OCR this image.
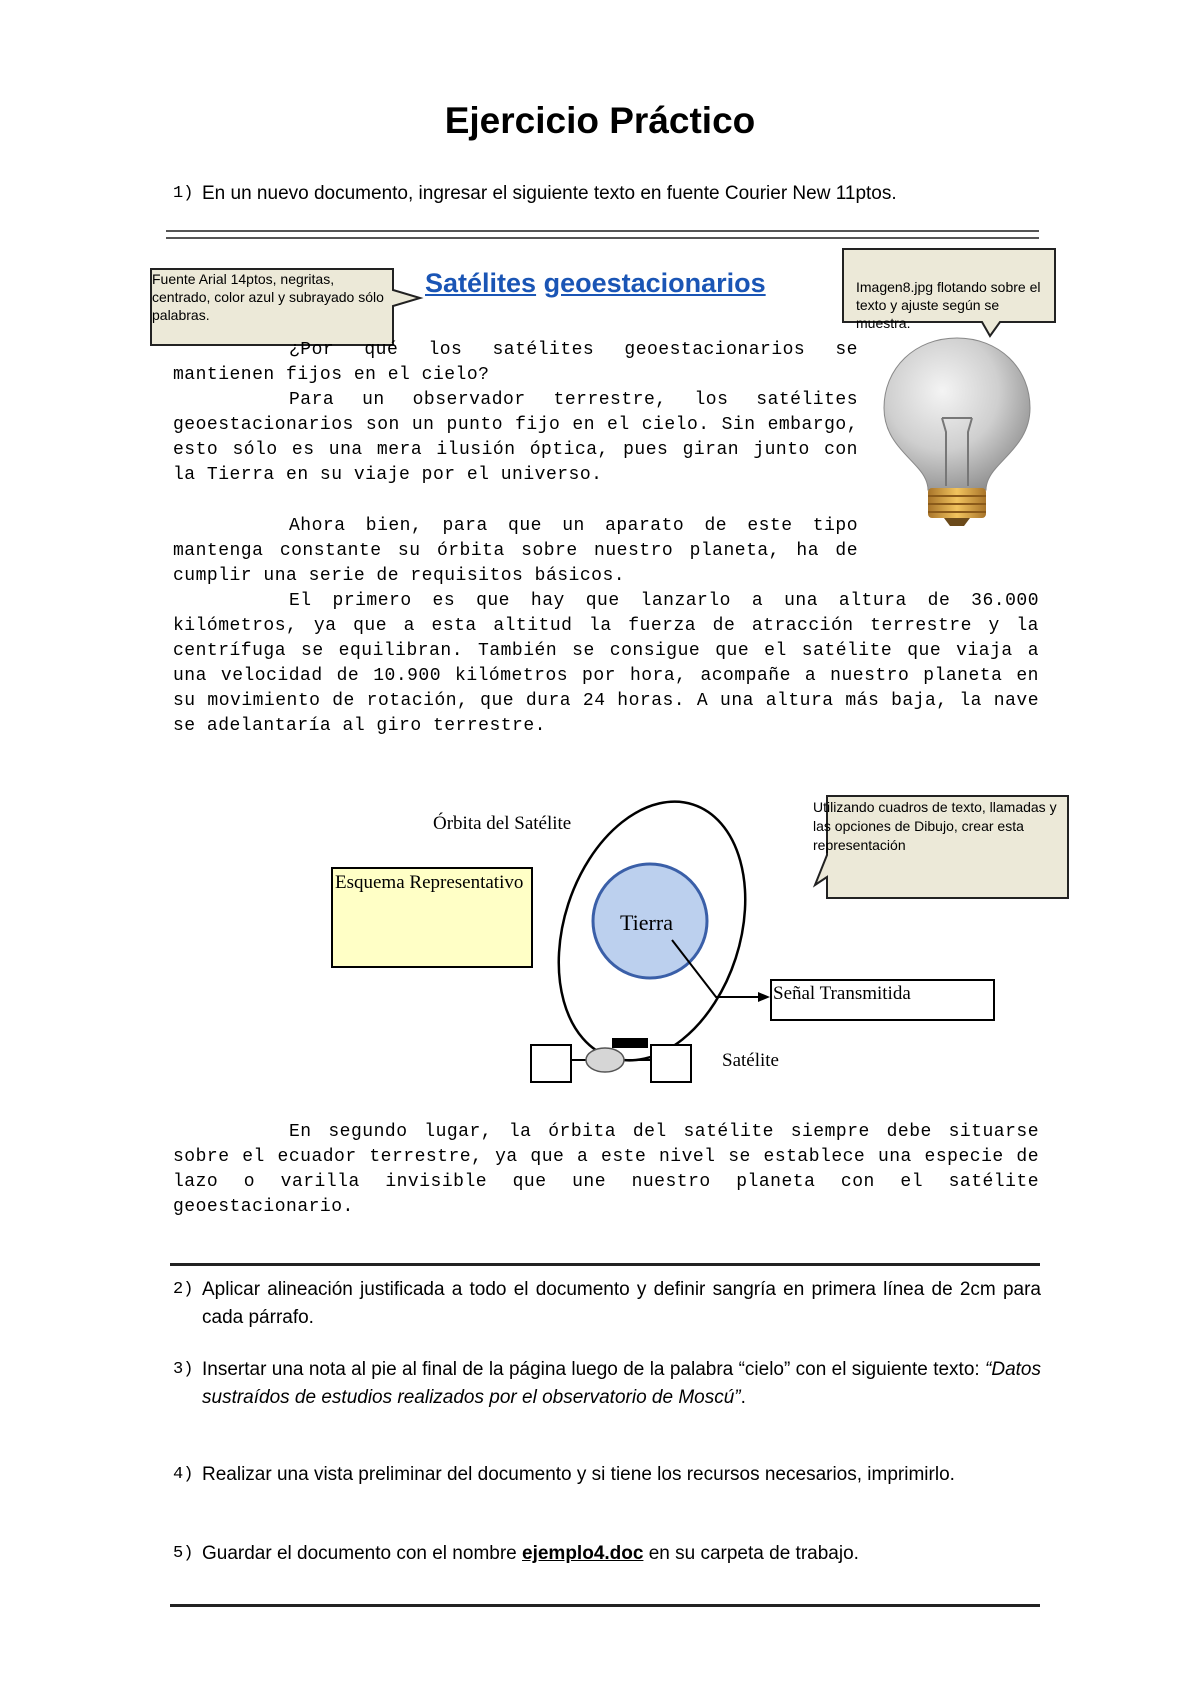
Ejercicio Práctico
1) En un nuevo documento, ingresar el siguiente texto en fuente Courier New 11ptos.
Fuente Arial 14ptos, negritas, centrado, color azul y subrayado sólo palabras.
Satélites geoestacionarios	Imagen8.jpg flotando sobre el texto y ajuste según se muestra.

¿Por qué los satélites geoestacionarios se mantienen fijos en el cielo?

Para un observador terrestre, los satélites geoestacionarios son un punto fijo en el cielo. Sin embargo, esto sólo es una mera ilusión óptica, pues giran junto con la Tierra en su viaje por el universo.

Ahora bien, para que un aparato de este tipo mantenga constante su órbita sobre nuestro planeta, ha de cumplir una serie de requisitos básicos.

El primero es que hay que lanzarlo a una altura de 36.000 kilómetros, ya que a esta altitud la fuerza de atracción terrestre y la centrífuga se equilibran. También se consigue que el satélite que viaja a una velocidad de 10.900 kilómetros por hora, acompañe a nuestro planeta en su movimiento de rotación, que dura 24 horas. A una altura más baja, la nave se adelantaría al giro terrestre.

Órbita del Satélite
Esquema Representativo
Tierra
Señal Transmitida
Satélite
Utilizando cuadros de texto, llamadas y las opciones de Dibujo, crear esta representación

En segundo lugar, la órbita del satélite siempre debe situarse sobre el ecuador terrestre, ya que a este nivel se establece una especie de lazo o varilla invisible que une nuestro planeta con el satélite geoestacionario.

2) Aplicar alineación justificada a todo el documento y definir sangría en primera línea de 2cm para cada párrafo.
3) Insertar una nota al pie al final de la página luego de la palabra “cielo” con el siguiente texto: “Datos sustraídos de estudios realizados por el observatorio de Moscú”.
4) Realizar una vista preliminar del documento y si tiene los recursos necesarios, imprimirlo.
5) Guardar el documento con el nombre ejemplo4.doc en su carpeta de trabajo.
